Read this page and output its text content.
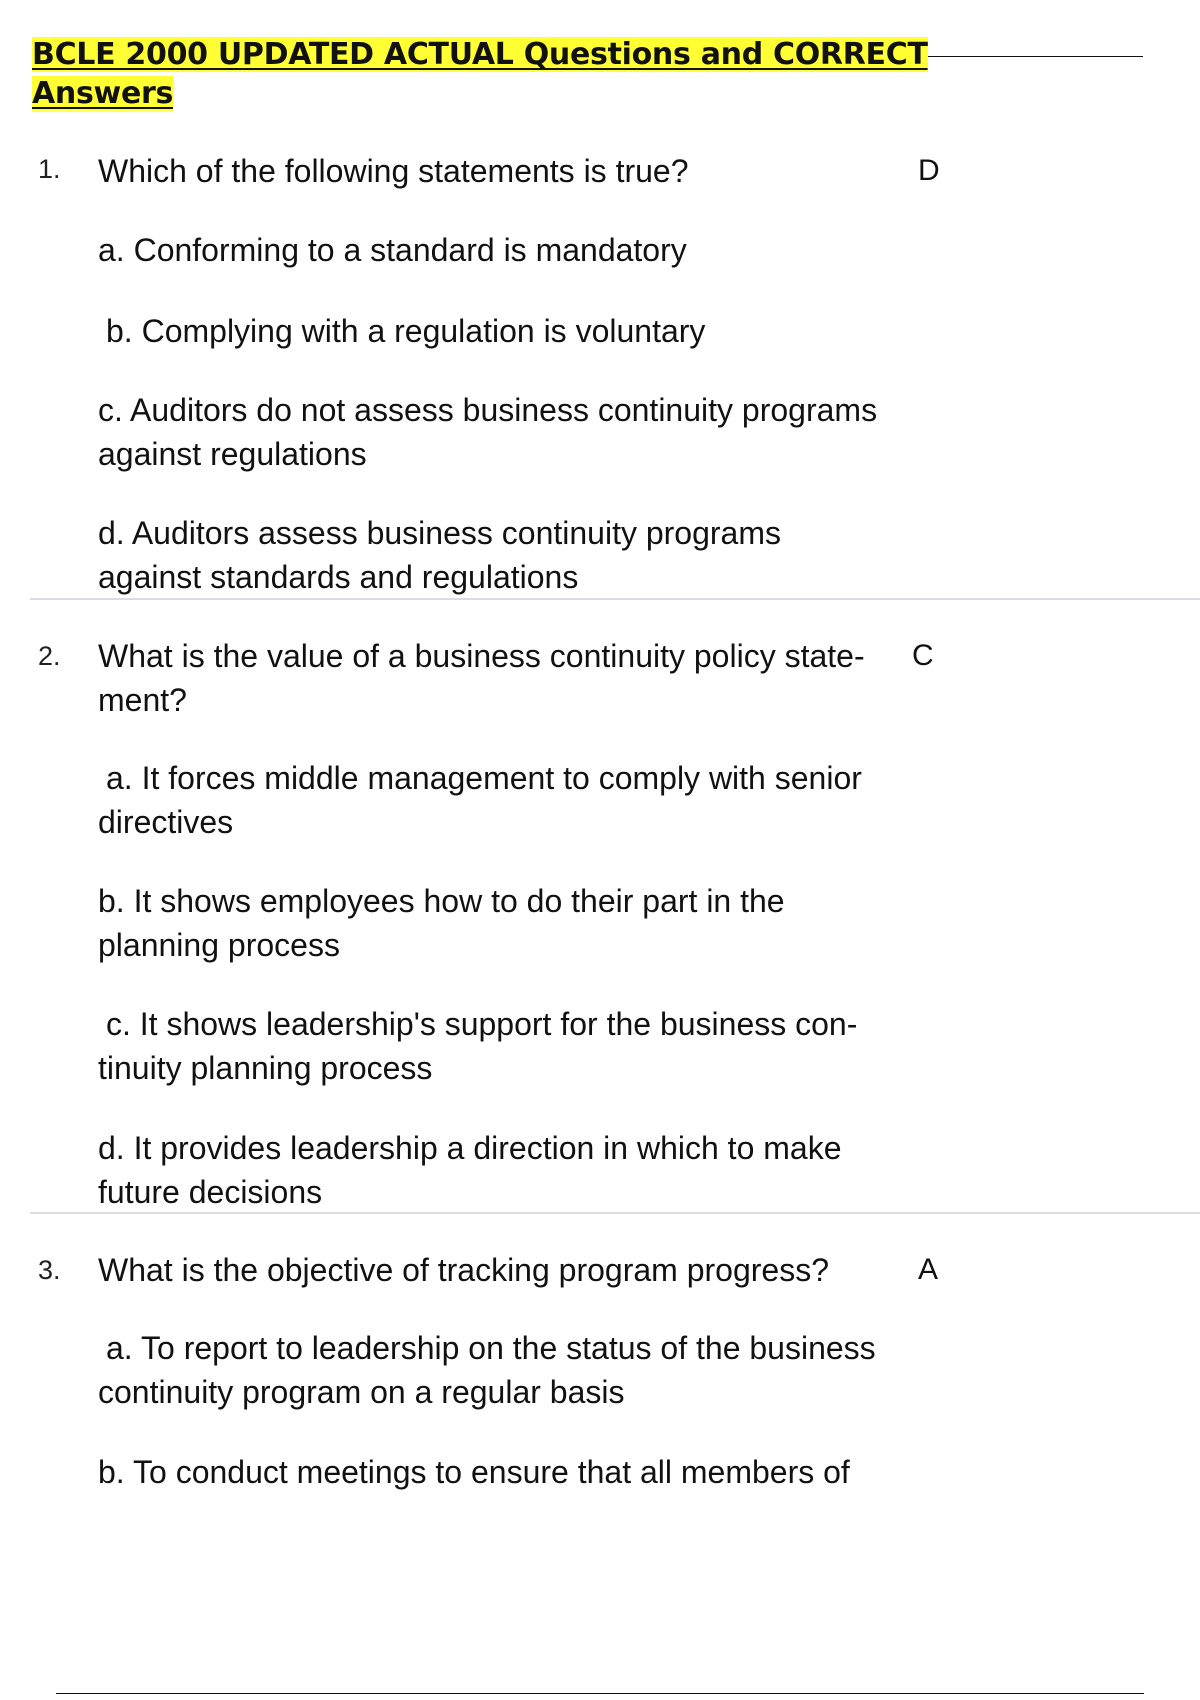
BCLE 2000 UPDATED ACTUAL Questions and CORRECT
Answers
1. Which of the following statements is true?	D
a. Conforming to a standard is mandatory
b. Complying with a regulation is voluntary
c. Auditors do not assess business continuity programs against regulations
d. Auditors assess business continuity programs against standards and regulations
2. What is the value of a business continuity policy state- ment?
C
a. It forces middle management to comply with senior directives
b. It shows employees how to do their part in the planning process
c. It shows leadership's support for the business con- tinuity planning process
d. It provides leadership a direction in which to make future decisions
3. What is the objective of tracking program progress?	A
a. To report to leadership on the status of the business continuity program on a regular basis
b. To conduct meetings to ensure that all members of
